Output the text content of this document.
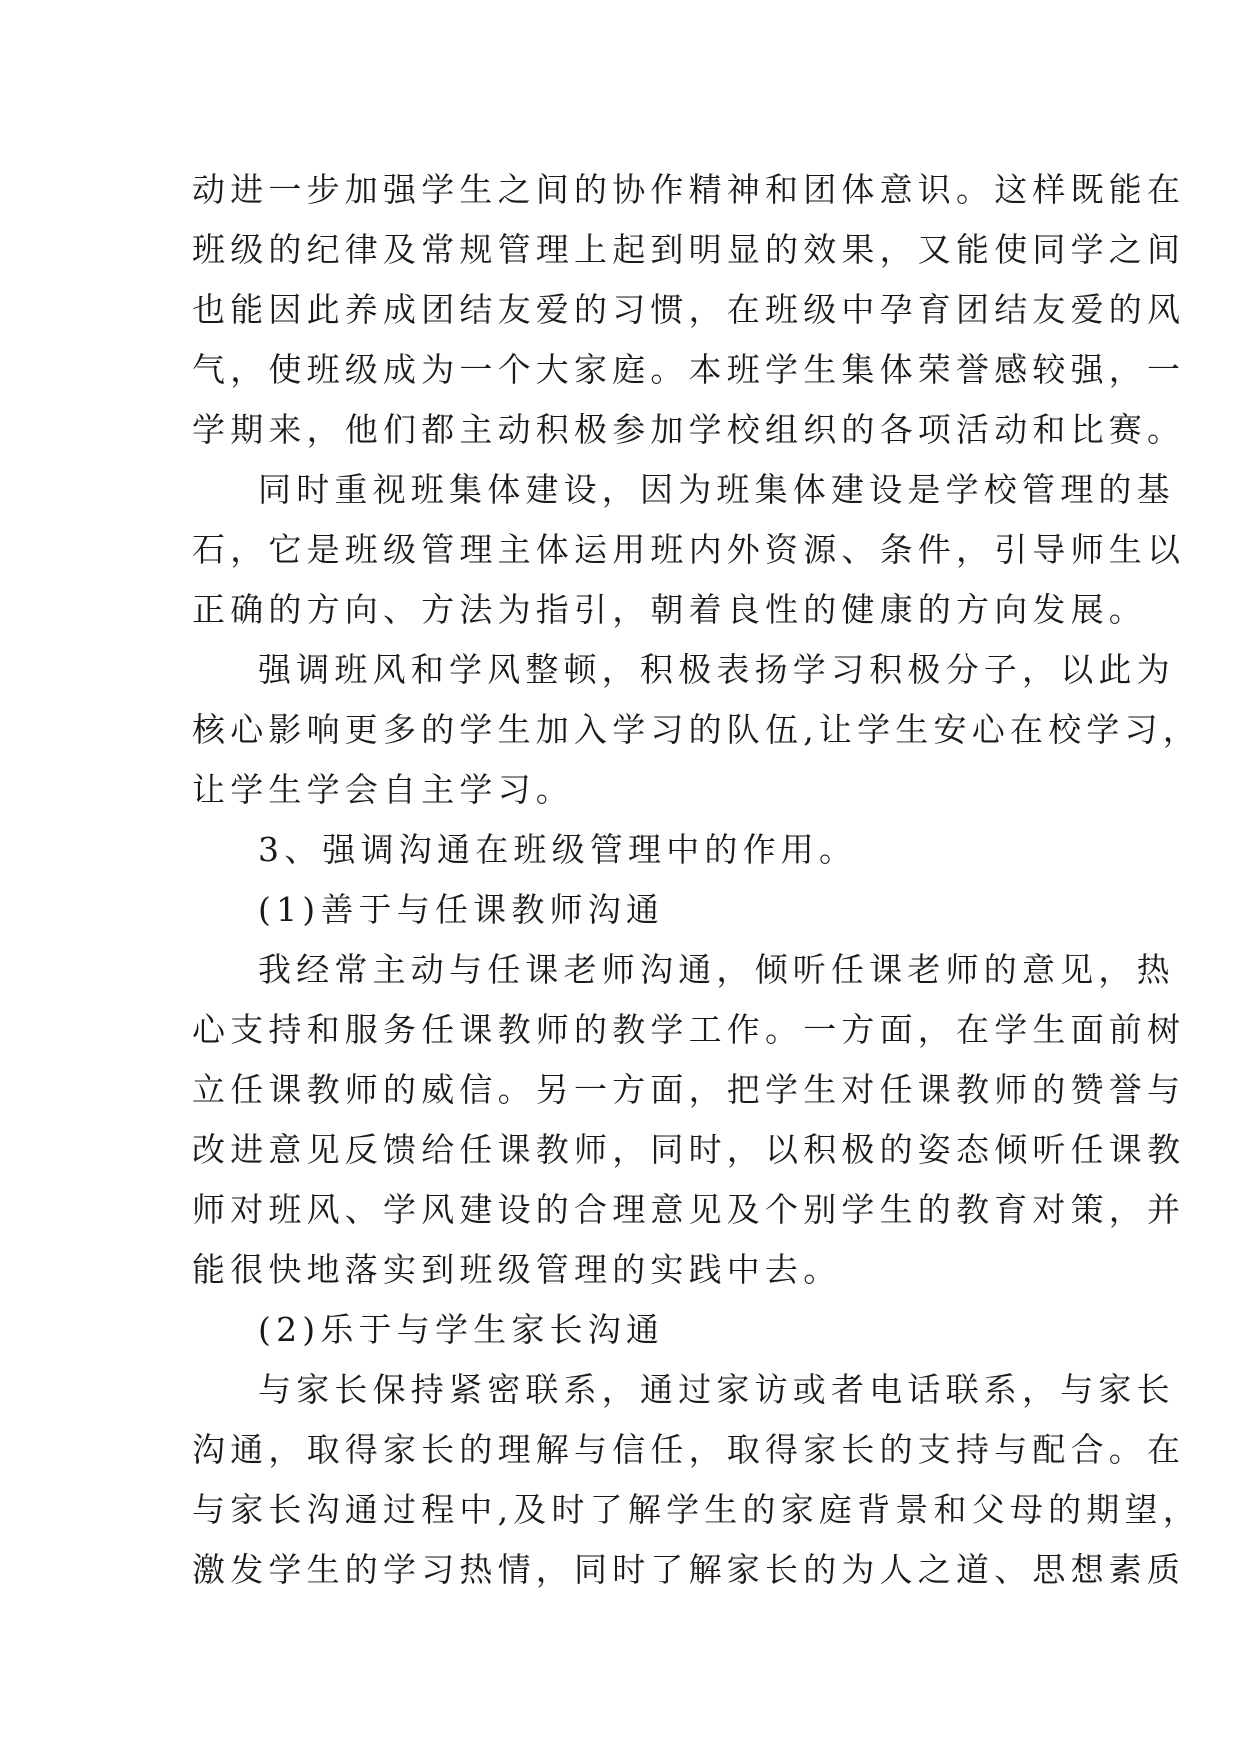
动进一步加强学生之间的协作精神和团体意识。这样既能在
班级的纪律及常规管理上起到明显的效果，又能使同学之间
也能因此养成团结友爱的习惯，在班级中孕育团结友爱的风
气，使班级成为一个大家庭。本班学生集体荣誉感较强，一
学期来，他们都主动积极参加学校组织的各项活动和比赛。
同时重视班集体建设，因为班集体建设是学校管理的基
石，它是班级管理主体运用班内外资源、条件，引导师生以
正确的方向、方法为指引，朝着良性的健康的方向发展。
强调班风和学风整顿，积极表扬学习积极分子，以此为
核心影响更多的学生加入学习的队伍,让学生安心在校学习，
让学生学会自主学习。
3、强调沟通在班级管理中的作用。
(1)善于与任课教师沟通
我经常主动与任课老师沟通，倾听任课老师的意见，热
心支持和服务任课教师的教学工作。一方面，在学生面前树
立任课教师的威信。另一方面，把学生对任课教师的赞誉与
改进意见反馈给任课教师，同时，以积极的姿态倾听任课教
师对班风、学风建设的合理意见及个别学生的教育对策，并
能很快地落实到班级管理的实践中去。
(2)乐于与学生家长沟通
与家长保持紧密联系，通过家访或者电话联系，与家长
沟通，取得家长的理解与信任，取得家长的支持与配合。在
与家长沟通过程中,及时了解学生的家庭背景和父母的期望，
激发学生的学习热情，同时了解家长的为人之道、思想素质
